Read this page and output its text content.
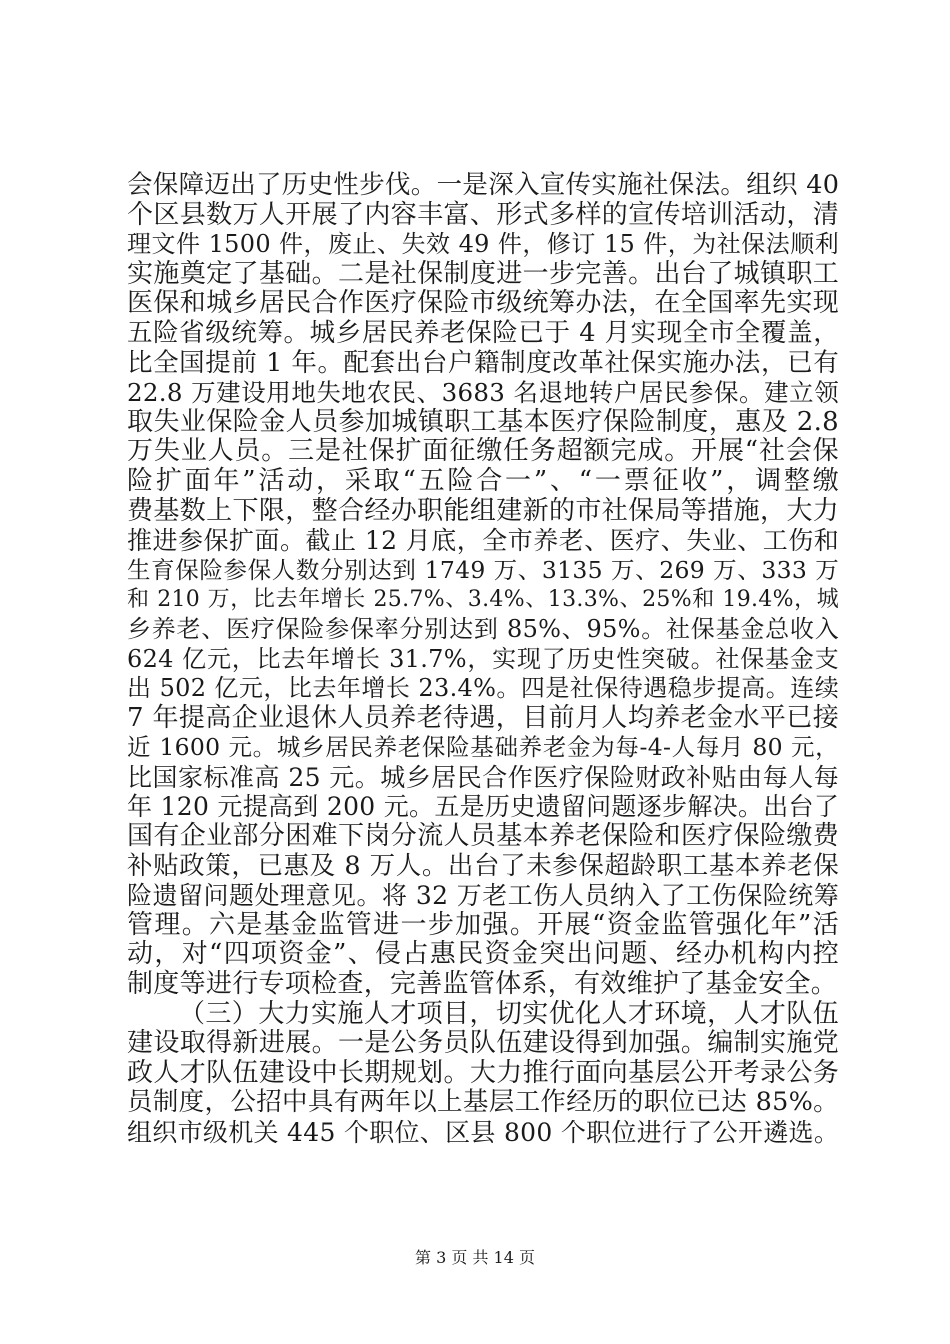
会保障迈出了历史性步伐。一是深入宣传实施社保法。组织 40
个区县数万人开展了内容丰富、形式多样的宣传培训活动，清
理文件 1500 件，废止、失效 49 件，修订 15 件，为社保法顺利
实施奠定了基础。二是社保制度进一步完善。出台了城镇职工
医保和城乡居民合作医疗保险市级统筹办法，在全国率先实现
五险省级统筹。城乡居民养老保险已于 4 月实现全市全覆盖，
比全国提前 1 年。配套出台户籍制度改革社保实施办法，已有
22.8 万建设用地失地农民、3683 名退地转户居民参保。建立领
取失业保险金人员参加城镇职工基本医疗保险制度，惠及 2.8
万失业人员。三是社保扩面征缴任务超额完成。开展“社会保
险扩面年”活动，采取“五险合一”、“一票征收”，调整缴
费基数上下限，整合经办职能组建新的市社保局等措施，大力
推进参保扩面。截止 12 月底，全市养老、医疗、失业、工伤和
生育保险参保人数分别达到 1749 万、3135 万、269 万、333 万
和 210 万，比去年增长 25.7%、3.4%、13.3%、25%和 19.4%，城
乡养老、医疗保险参保率分别达到 85%、95%。社保基金总收入
624 亿元，比去年增长 31.7%，实现了历史性突破。社保基金支
出 502 亿元，比去年增长 23.4%。四是社保待遇稳步提高。连续
7 年提高企业退休人员养老待遇，目前月人均养老金水平已接
近 1600 元。城乡居民养老保险基础养老金为每-4-人每月 80 元，
比国家标准高 25 元。城乡居民合作医疗保险财政补贴由每人每
年 120 元提高到 200 元。五是历史遗留问题逐步解决。出台了
国有企业部分困难下岗分流人员基本养老保险和医疗保险缴费
补贴政策，已惠及 8 万人。出台了未参保超龄职工基本养老保
险遗留问题处理意见。将 32 万老工伤人员纳入了工伤保险统筹
管理。六是基金监管进一步加强。开展“资金监管强化年”活
动，对“四项资金”、侵占惠民资金突出问题、经办机构内控
制度等进行专项检查，完善监管体系，有效维护了基金安全。
（三）大力实施人才项目，切实优化人才环境，人才队伍
建设取得新进展。一是公务员队伍建设得到加强。编制实施党
政人才队伍建设中长期规划。大力推行面向基层公开考录公务
员制度，公招中具有两年以上基层工作经历的职位已达 85%。
组织市级机关 445 个职位、区县 800 个职位进行了公开遴选。
第 3 页 共 14 页
